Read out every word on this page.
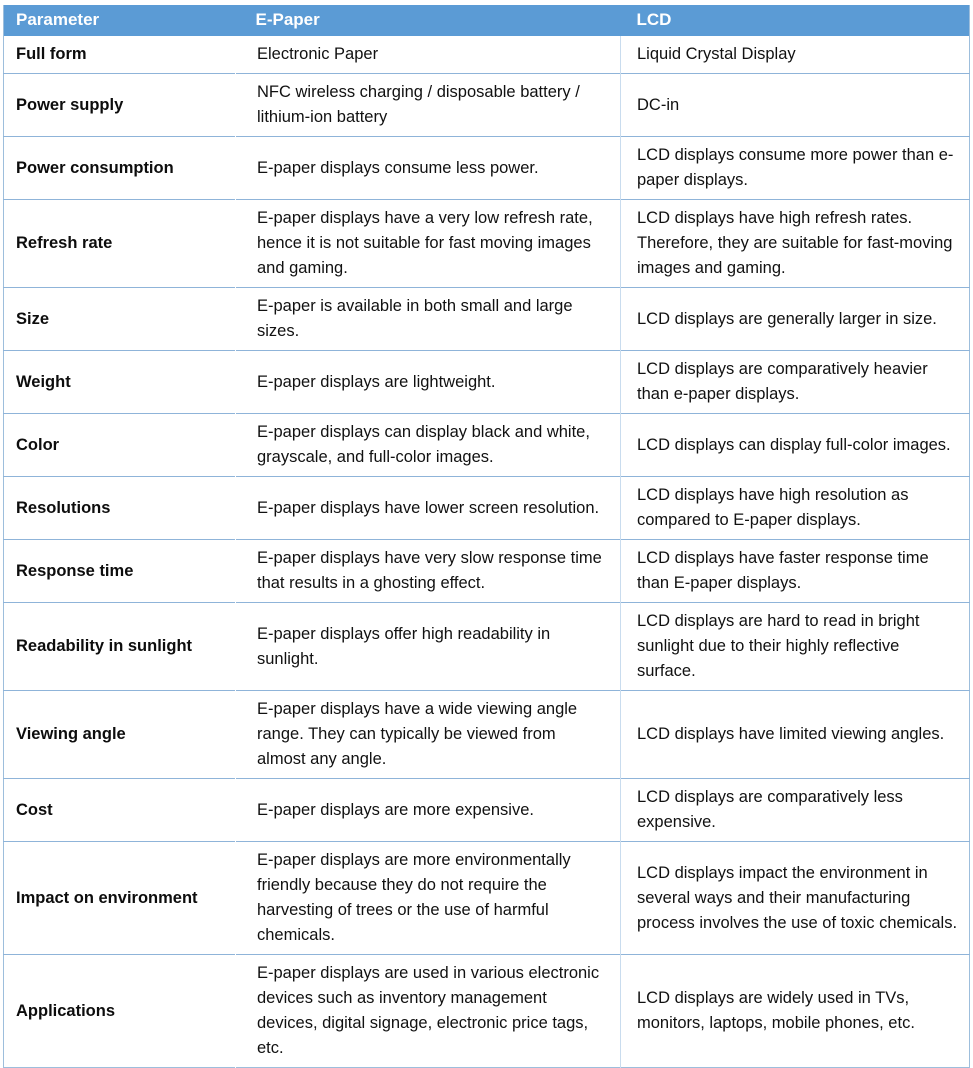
Parameter	E-Paper	LCD
Full form	Electronic Paper	Liquid Crystal Display
Power supply	NFC wireless charging / disposable battery / lithium-ion battery	DC-in
Power consumption	E-paper displays consume less power.	LCD displays consume more power than e-paper displays.
Refresh rate	E-paper displays have a very low refresh rate, hence it is not suitable for fast moving images and gaming.	LCD displays have high refresh rates. Therefore, they are suitable for fast-moving images and gaming.
Size	E-paper is available in both small and large sizes.	LCD displays are generally larger in size.
Weight	E-paper displays are lightweight.	LCD displays are comparatively heavier than e-paper displays.
Color	E-paper displays can display black and white, grayscale, and full-color images.	LCD displays can display full-color images.
Resolutions	E-paper displays have lower screen resolution.	LCD displays have high resolution as compared to E-paper displays.
Response time	E-paper displays have very slow response time that results in a ghosting effect.	LCD displays have faster response time than E-paper displays.
Readability in sunlight	E-paper displays offer high readability in sunlight.	LCD displays are hard to read in bright sunlight due to their highly reflective surface.
Viewing angle	E-paper displays have a wide viewing angle range. They can typically be viewed from almost any angle.	LCD displays have limited viewing angles.
Cost	E-paper displays are more expensive.	LCD displays are comparatively less expensive.
Impact on environment	E-paper displays are more environmentally friendly because they do not require the harvesting of trees or the use of harmful chemicals.	LCD displays impact the environment in several ways and their manufacturing process involves the use of toxic chemicals.
Applications	E-paper displays are used in various electronic devices such as inventory management devices, digital signage, electronic price tags, etc.	LCD displays are widely used in TVs, monitors, laptops, mobile phones, etc.
